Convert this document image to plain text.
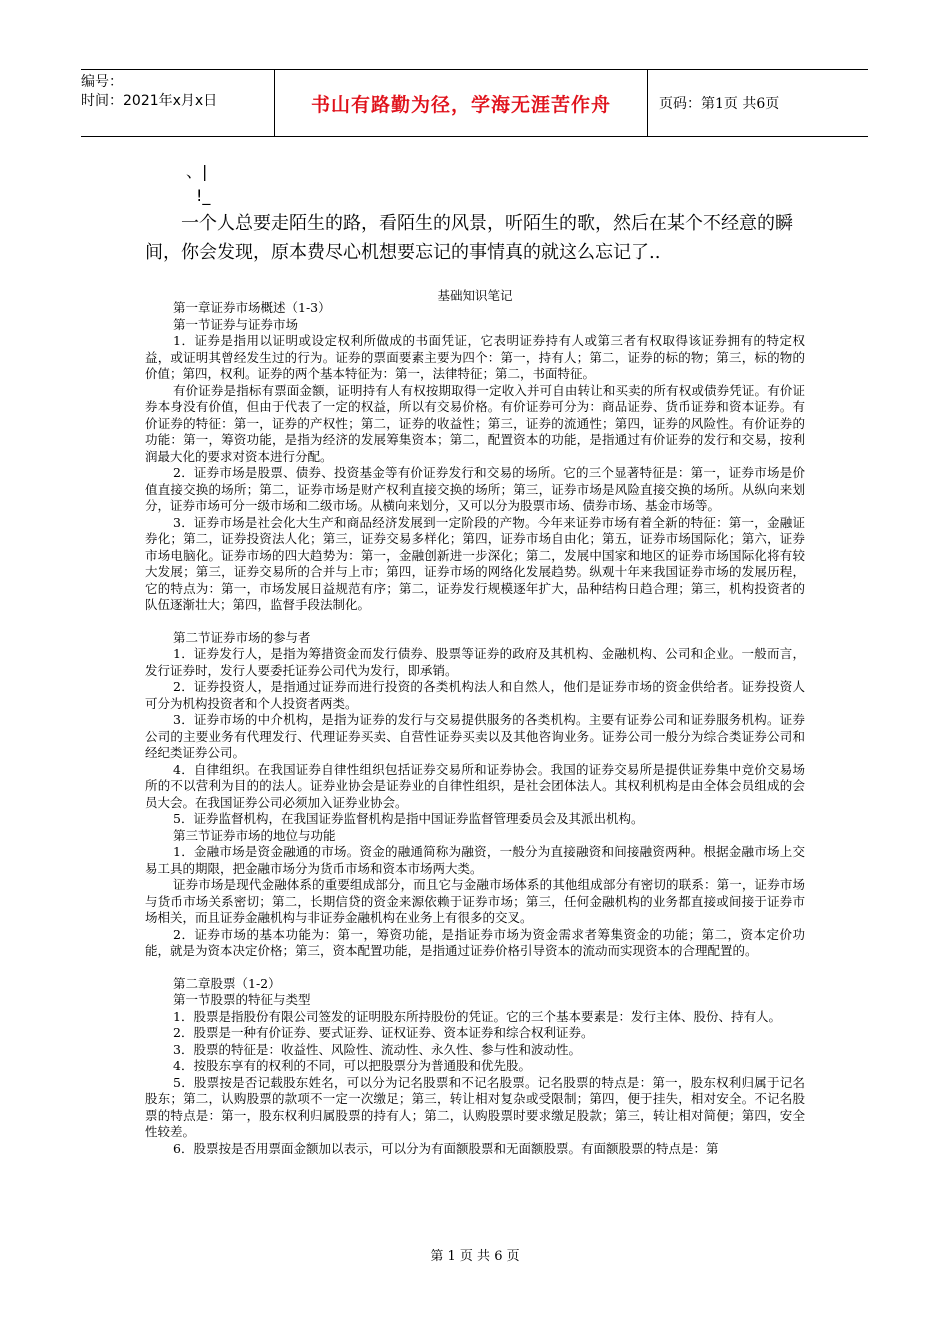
编号：
时间：2021年x月x日	书山有路勤为径，学海无涯苦作舟	页码：第1页 共6页
、|
!_

一个人总要走陌生的路，看陌生的风景，听陌生的歌，然后在某个不经意的瞬间，你会发现，原本费尽心机想要忘记的事情真的就这么忘记了..

基础知识笔记

第一章证券市场概述（1-3）

第一节证券与证券市场

1．证券是指用以证明或设定权利所做成的书面凭证，它表明证券持有人或第三者有权取得该证券拥有的特定权益，或证明其曾经发生过的行为。证券的票面要素主要为四个：第一，持有人；第二，证券的标的物；第三，标的物的价值；第四，权利。证券的两个基本特征为：第一，法律特征；第二，书面特征。

有价证券是指标有票面金额，证明持有人有权按期取得一定收入并可自由转让和买卖的所有权或债券凭证。有价证券本身没有价值，但由于代表了一定的权益，所以有交易价格。有价证券可分为：商品证券、货币证券和资本证券。有价证券的特征：第一，证券的产权性；第二，证券的收益性；第三，证券的流通性；第四，证券的风险性。有价证券的功能：第一，筹资功能，是指为经济的发展筹集资本；第二，配置资本的功能，是指通过有价证券的发行和交易，按利润最大化的要求对资本进行分配。

2．证券市场是股票、债券、投资基金等有价证券发行和交易的场所。它的三个显著特征是：第一，证券市场是价值直接交换的场所；第二，证券市场是财产权利直接交换的场所；第三，证券市场是风险直接交换的场所。从纵向来划分，证券市场可分一级市场和二级市场。从横向来划分，又可以分为股票市场、债券市场、基金市场等。

3．证券市场是社会化大生产和商品经济发展到一定阶段的产物。今年来证券市场有着全新的特征：第一，金融证券化；第二，证券投资法人化；第三，证券交易多样化；第四，证券市场自由化；第五，证券市场国际化；第六，证券市场电脑化。证券市场的四大趋势为：第一，金融创新进一步深化；第二，发展中国家和地区的证券市场国际化将有较大发展；第三，证券交易所的合并与上市；第四，证券市场的网络化发展趋势。纵观十年来我国证券市场的发展历程，它的特点为：第一，市场发展日益规范有序；第二，证券发行规模逐年扩大，品种结构日趋合理；第三，机构投资者的队伍逐渐壮大；第四，监督手段法制化。

第二节证券市场的参与者

1．证券发行人，是指为筹措资金而发行债券、股票等证券的政府及其机构、金融机构、公司和企业。一般而言，发行证券时，发行人要委托证券公司代为发行，即承销。

2．证券投资人，是指通过证券而进行投资的各类机构法人和自然人，他们是证券市场的资金供给者。证券投资人可分为机构投资者和个人投资者两类。

3．证券市场的中介机构，是指为证券的发行与交易提供服务的各类机构。主要有证券公司和证券服务机构。证券公司的主要业务有代理发行、代理证券买卖、自营性证券买卖以及其他咨询业务。证券公司一般分为综合类证券公司和经纪类证券公司。

4．自律组织。在我国证券自律性组织包括证券交易所和证券协会。我国的证券交易所是提供证券集中竞价交易场所的不以营利为目的的法人。证券业协会是证券业的自律性组织，是社会团体法人。其权利机构是由全体会员组成的会员大会。在我国证券公司必须加入证券业协会。

5．证券监督机构，在我国证券监督机构是指中国证券监督管理委员会及其派出机构。

第三节证券市场的地位与功能

1．金融市场是资金融通的市场。资金的融通简称为融资，一般分为直接融资和间接融资两种。根据金融市场上交易工具的期限，把金融市场分为货币市场和资本市场两大类。

证券市场是现代金融体系的重要组成部分，而且它与金融市场体系的其他组成部分有密切的联系：第一，证券市场与货币市场关系密切；第二，长期信贷的资金来源依赖于证券市场；第三，任何金融机构的业务都直接或间接于证券市场相关，而且证券金融机构与非证券金融机构在业务上有很多的交叉。

2．证券市场的基本功能为：第一，筹资功能，是指证券市场为资金需求者筹集资金的功能；第二，资本定价功能，就是为资本决定价格；第三，资本配置功能，是指通过证券价格引导资本的流动而实现资本的合理配置的。

第二章股票（1-2）

第一节股票的特征与类型

1．股票是指股份有限公司签发的证明股东所持股份的凭证。它的三个基本要素是：发行主体、股份、持有人。

2．股票是一种有价证券、要式证券、证权证券、资本证券和综合权利证券。

3．股票的特征是：收益性、风险性、流动性、永久性、参与性和波动性。

4．按股东享有的权利的不同，可以把股票分为普通股和优先股。

5．股票按是否记载股东姓名，可以分为记名股票和不记名股票。记名股票的特点是：第一，股东权利归属于记名股东；第二，认购股票的款项不一定一次缴足；第三，转让相对复杂或受限制；第四，便于挂失，相对安全。不记名股票的特点是：第一，股东权利归属股票的持有人；第二，认购股票时要求缴足股款；第三，转让相对简便；第四，安全性较差。

6．股票按是否用票面金额加以表示，可以分为有面额股票和无面额股票。有面额股票的特点是：第

第 1 页 共 6 页
